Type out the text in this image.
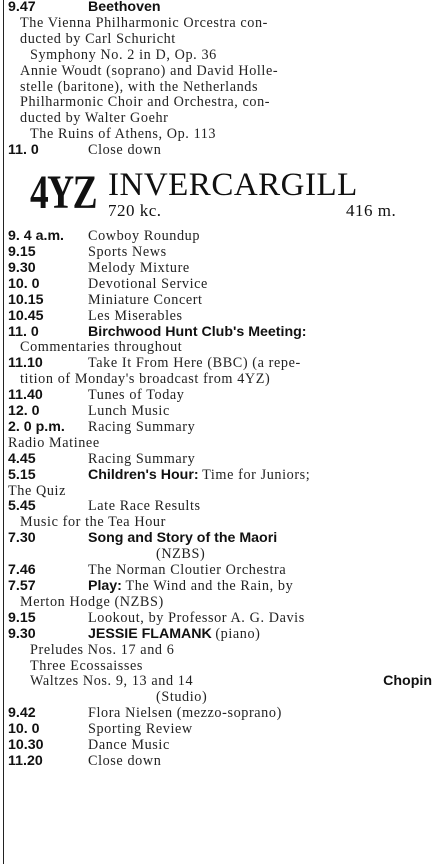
9.47	Beethoven
The Vienna Philharmonic Orcestra con-
ducted by Carl Schuricht
Symphony No. 2 in D, Op. 36
Annie Woudt (soprano) and David Holle-
stelle (baritone), with the Netherlands
Philharmonic Choir and Orchestra, con-
ducted by Walter Goehr
The Ruins of Athens, Op. 113
11. 0	Close down
4YZ INVERCARGILL
720 kc.	416 m.
9. 4 a.m. Cowboy Roundup
9.15	Sports News
9.30	Melody Mixture
10. 0	Devotional Service
10.15	Miniature Concert
10.45	Les Miserables
11. 0	Birchwood Hunt Club's Meeting:
Commentaries throughout
11.10	Take It From Here (BBC) (a repe-
tition of Monday's broadcast from 4YZ)
11.40	Tunes of Today
12. 0	Lunch Music
2. 0 p.m. Racing Summary
Radio Matinee
4.45	Racing Summary
5.15	Children's Hour: Time for Juniors;
The Quiz
5.45	Late Race Results
Music for the Tea Hour
7.30	Song and Story of the Maori
(NZBS)
7.46	The Norman Cloutier Orchestra
7.57	Play: The Wind and the Rain, by
Merton Hodge (NZBS)
9.15	Lookout, by Professor A. G. Davis
9.30	JESSIE FLAMANK (piano)
Preludes Nos. 17 and 6
Three Ecossaisses
Waltzes Nos. 9, 13 and 14	Chopin
(Studio)
9.42	Flora Nielsen (mezzo-soprano)
10. 0	Sporting Review
10.30	Dance Music
11.20	Close down
